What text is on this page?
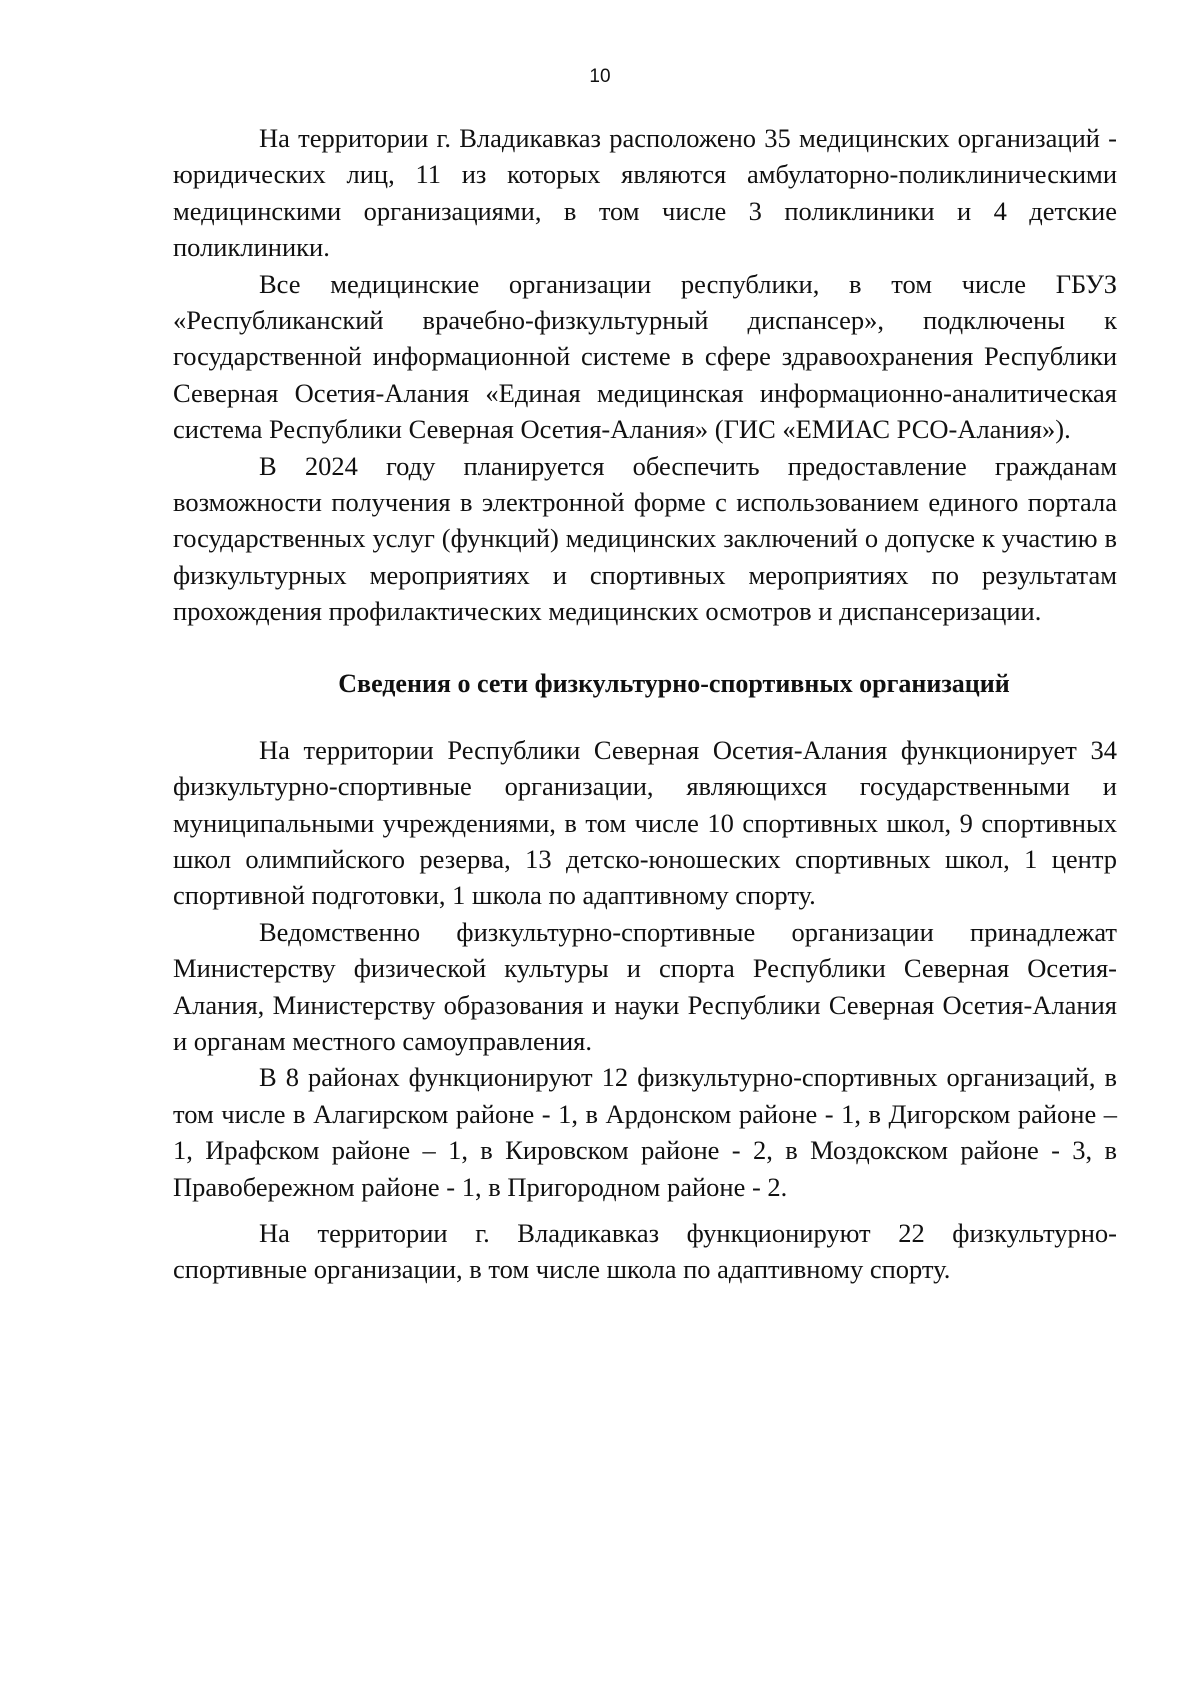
10

На территории г. Владикавказ расположено 35 медицинских организаций - юридических лиц, 11 из которых являются амбулаторно-поликлиническими медицинскими организациями, в том числе 3 поликлиники и 4 детские поликлиники.

Все медицинские организации республики, в том числе ГБУЗ «Республиканский врачебно-физкультурный диспансер», подключены к государственной информационной системе в сфере здравоохранения Республики Северная Осетия-Алания «Единая медицинская информационно-аналитическая система Республики Северная Осетия-Алания» (ГИС «ЕМИАС РСО-Алания»).

В 2024 году планируется обеспечить предоставление гражданам возможности получения в электронной форме с использованием единого портала государственных услуг (функций) медицинских заключений о допуске к участию в физкультурных мероприятиях и спортивных мероприятиях по результатам прохождения профилактических медицинских осмотров и диспансеризации.

Сведения о сети физкультурно-спортивных организаций

На территории Республики Северная Осетия-Алания функционирует 34 физкультурно-спортивные организации, являющихся государственными и муниципальными учреждениями, в том числе 10 спортивных школ, 9 спортивных школ олимпийского резерва, 13 детско-юношеских спортивных школ, 1 центр спортивной подготовки, 1 школа по адаптивному спорту.

Ведомственно физкультурно-спортивные организации принадлежат Министерству физической культуры и спорта Республики Северная Осетия-Алания, Министерству образования и науки Республики Северная Осетия-Алания и органам местного самоуправления.

В 8 районах функционируют 12 физкультурно-спортивных организаций, в том числе в Алагирском районе - 1, в Ардонском районе - 1, в Дигорском районе – 1, Ирафском районе – 1, в Кировском районе - 2, в Моздокском районе - 3, в Правобережном районе - 1, в Пригородном районе - 2.

На территории г. Владикавказ функционируют 22 физкультурно-спортивные организации, в том числе школа по адаптивному спорту.
